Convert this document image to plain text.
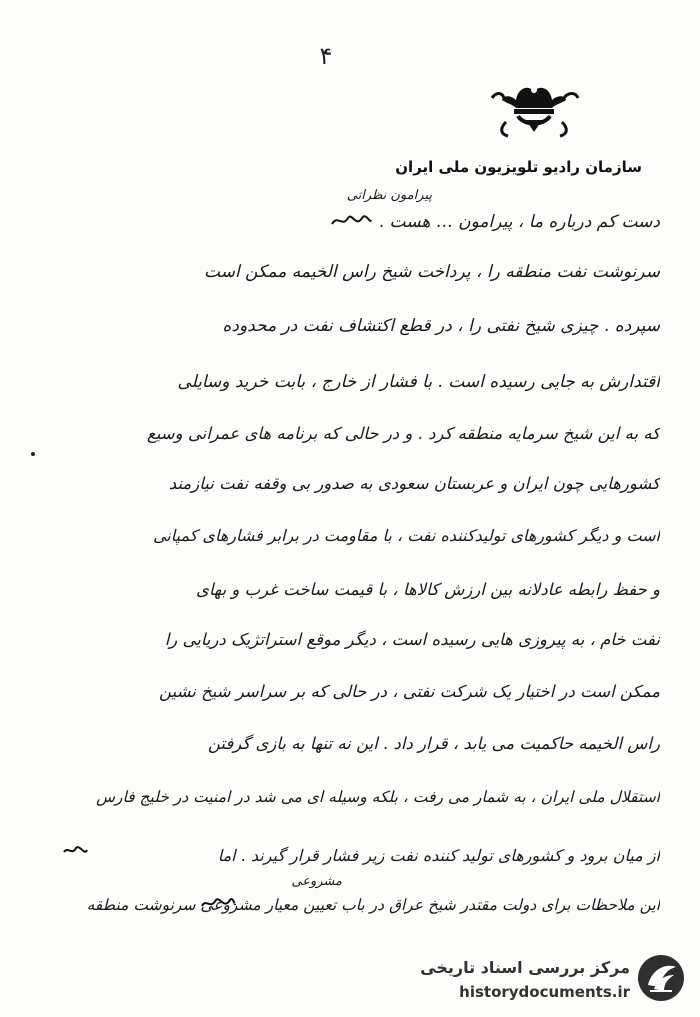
۴
سازمان رادیو تلویزیون ملی ایران
پیرامون نظراتی
دست کم درباره ما ، پیرامون … هست .
سرنوشت نفت منطقه را ، پرداخت شیخ راس الخیمه ممکن است
سپرده . چیزی شیخ نفتی را ، در قطع اکتشاف نفت در محدوده
اقتدارش به جایی رسیده است . با فشار از خارج ، بابت خرید وسایلی
که به این شیخ سرمایه منطقه کرد . و در حالی که برنامه های عمرانی وسیع
کشورهایی چون ایران و عربستان سعودی به صدور بی وقفه نفت نیازمند
است و دیگر کشورهای تولیدکننده نفت ، با مقاومت در برابر فشارهای کمپانی
و حفظ رابطه عادلانه بین ارزش کالاها ، با قیمت ساخت غرب و بهای
نفت خام ، به پیروزی هایی رسیده است ، دیگر موقع استراتژیک دریایی را
ممکن است در اختیار یک شرکت نفتی ، در حالی که بر سراسر شیخ نشین
راس الخیمه حاکمیت می یابد ، قرار داد . این نه تنها به بازی گرفتن
استقلال ملی ایران ، به شمار می رفت ، بلکه وسیله ای می شد در امنیت در خلیج فارس
از میان برود و کشورهای تولید کننده نفت زیر فشار قرار گیرند . اما
مشروعی
این ملاحظات برای دولت مقتدر شیخ عراق در باب تعیین معیار مشروعی سرنوشت منطقه
مرکز بررسی اسناد تاریخی
historydocuments.ir
